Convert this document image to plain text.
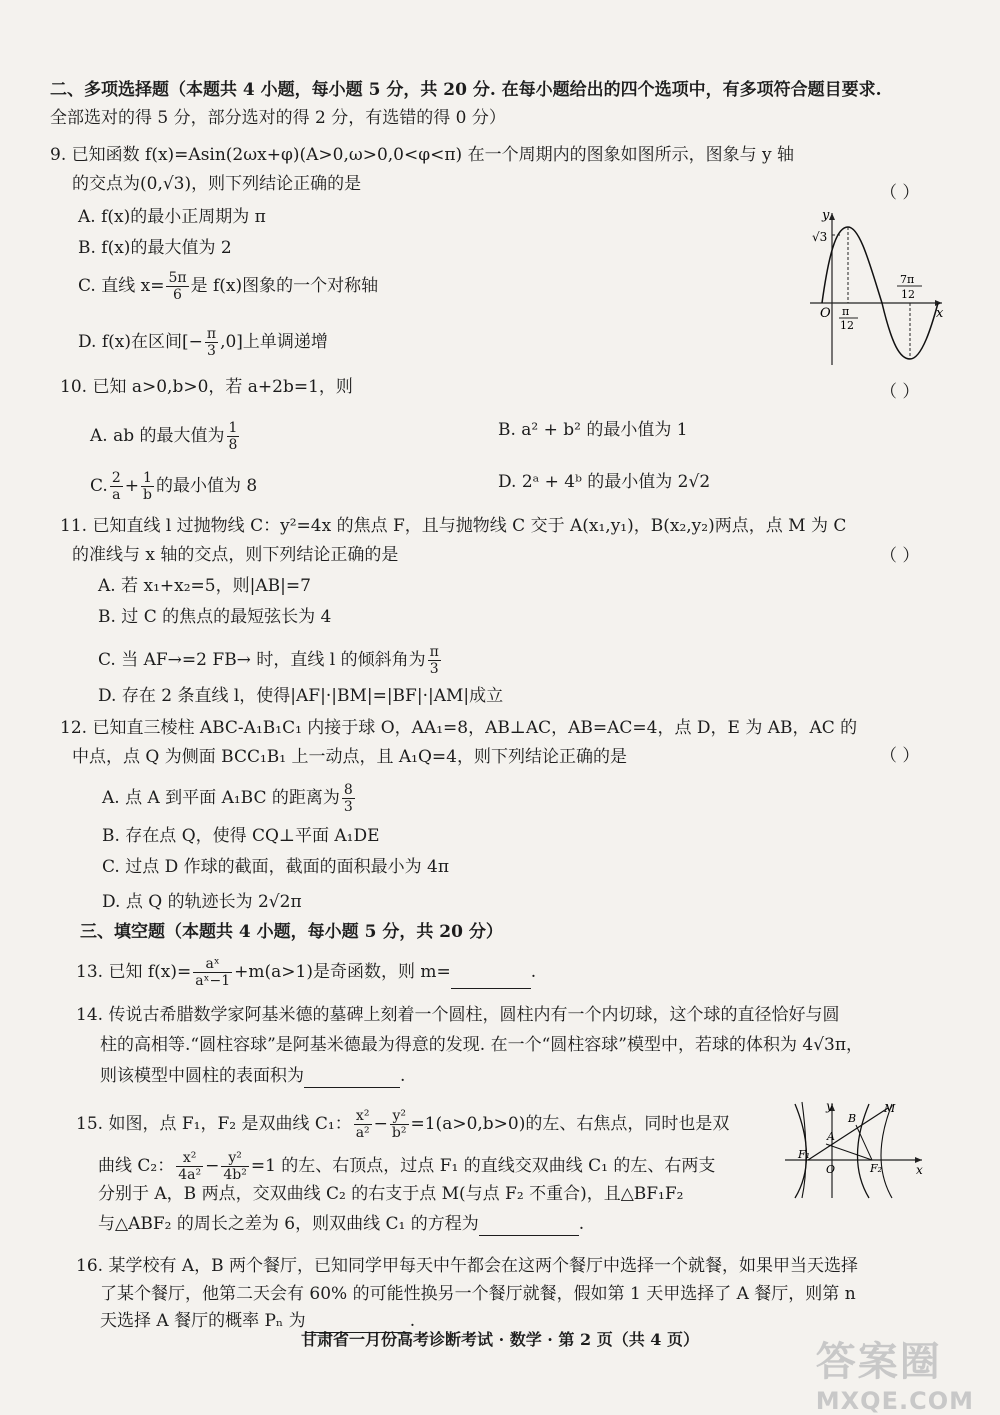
二、多项选择题（本题共 4 小题，每小题 5 分，共 20 分. 在每小题给出的四个选项中，有多项符合题目要求.
全部选对的得 5 分，部分选对的得 2 分，有选错的得 0 分）
9. 已知函数 f(x)=Asin(2ωx+φ)(A>0,ω>0,0<φ<π) 在一个周期内的图象如图所示，图象与 y 轴
的交点为(0,√3)，则下列结论正确的是	（ ）
A. f(x)的最小正周期为 π
B. f(x)的最大值为 2
C. 直线 $x= \frac{5\pi}{6}$ 是 f(x)图象的一个对称轴
D. f(x)在区间[− $\frac{\pi}{3} ,0$]上单调递增
y
x
O
√3
π
12
7π
12
10. 已知 a>0,b>0，若 a+2b=1，则	（ ）
A. ab 的最大值为 $\frac{1}{8}$	B. a² + b² 的最小值为 1
C. $\frac{2}{a} + \frac{1}{b}$ 的最小值为 8	D. 2ᵃ + 4ᵇ 的最小值为 2√2
11. 已知直线 l 过抛物线 C：y²=4x 的焦点 F，且与抛物线 C 交于 A(x₁,y₁)，B(x₂,y₂)两点，点 M 为 C
的准线与 x 轴的交点，则下列结论正确的是	（ ）
A. 若 x₁+x₂=5，则|AB|=7
B. 过 C 的焦点的最短弦长为 4
C. 当 AF→=2 FB→ 时，直线 l 的倾斜角为 $\frac{\pi}{3}$
D. 存在 2 条直线 l，使得|AF|·|BM|=|BF|·|AM|成立
12. 已知直三棱柱 ABC-A₁B₁C₁ 内接于球 O，AA₁=8，AB⊥AC，AB=AC=4，点 D，E 为 AB，AC 的
中点，点 Q 为侧面 BCC₁B₁ 上一动点，且 A₁Q=4，则下列结论正确的是	（ ）
A. 点 A 到平面 A₁BC 的距离为 $\frac{8}{3}$
B. 存在点 Q，使得 CQ⊥平面 A₁DE
C. 过点 D 作球的截面，截面的面积最小为 4π
D. 点 Q 的轨迹长为 2√2π
三、填空题（本题共 4 小题，每小题 5 分，共 20 分）
13. 已知 $f(x)= \frac{\text{aˣ}}{\text{aˣ−1}} +m(a>1)$是奇函数，则 m=	.
14. 传说古希腊数学家阿基米德的墓碑上刻着一个圆柱，圆柱内有一个内切球，这个球的直径恰好与圆
柱的高相等.“圆柱容球”是阿基米德最为得意的发现. 在一个“圆柱容球”模型中，若球的体积为 4√3π，
则该模型中圆柱的表面积为	.
15. 如图，点 F₁，F₂ 是双曲线 C₁： $\frac{\text{x²}}{\text{a²}} - \frac{\text{y²}}{\text{b²}} =1(a>0,b>0)$的左、右焦点，同时也是双
曲线 C₂： $\frac{\text{x²}}{\text{4a²}} - \frac{\text{y²}}{\text{4b²}} =1$ 的左、右顶点，过点 F₁ 的直线交双曲线 C₁ 的左、右两支
分别于 A，B 两点，交双曲线 C₂ 的右支于点 M(与点 F₂ 不重合)，且△BF₁F₂
与△ABF₂ 的周长之差为 6，则双曲线 C₁ 的方程为	.
y
x
O
F₁
F₂
A
B
M
16. 某学校有 A，B 两个餐厅，已知同学甲每天中午都会在这两个餐厅中选择一个就餐，如果甲当天选择
了某个餐厅，他第二天会有 60% 的可能性换另一个餐厅就餐，假如第 1 天甲选择了 A 餐厅，则第 n
天选择 A 餐厅的概率 Pₙ 为	.
甘肃省一月份高考诊断考试 · 数学 · 第 2 页（共 4 页）	答案圈
MXQE.COM
